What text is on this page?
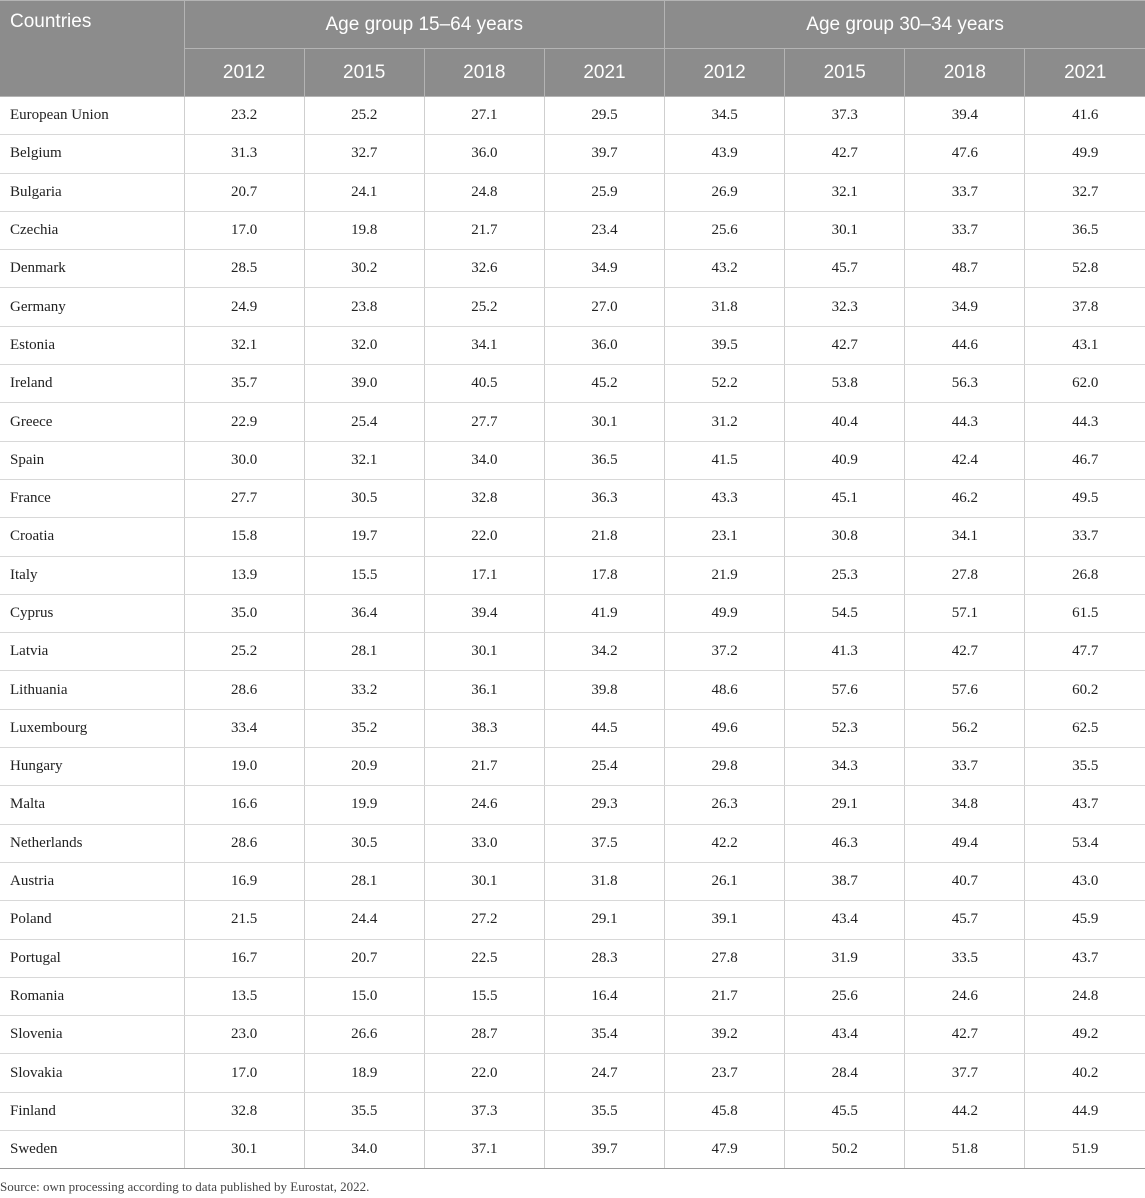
Countries	Age group 15–64 years				Age group 30–34 years			
	2012	2015	2018	2021	2012	2015	2018	2021
European Union	23.2	25.2	27.1	29.5	34.5	37.3	39.4	41.6
Belgium	31.3	32.7	36.0	39.7	43.9	42.7	47.6	49.9
Bulgaria	20.7	24.1	24.8	25.9	26.9	32.1	33.7	32.7
Czechia	17.0	19.8	21.7	23.4	25.6	30.1	33.7	36.5
Denmark	28.5	30.2	32.6	34.9	43.2	45.7	48.7	52.8
Germany	24.9	23.8	25.2	27.0	31.8	32.3	34.9	37.8
Estonia	32.1	32.0	34.1	36.0	39.5	42.7	44.6	43.1
Ireland	35.7	39.0	40.5	45.2	52.2	53.8	56.3	62.0
Greece	22.9	25.4	27.7	30.1	31.2	40.4	44.3	44.3
Spain	30.0	32.1	34.0	36.5	41.5	40.9	42.4	46.7
France	27.7	30.5	32.8	36.3	43.3	45.1	46.2	49.5
Croatia	15.8	19.7	22.0	21.8	23.1	30.8	34.1	33.7
Italy	13.9	15.5	17.1	17.8	21.9	25.3	27.8	26.8
Cyprus	35.0	36.4	39.4	41.9	49.9	54.5	57.1	61.5
Latvia	25.2	28.1	30.1	34.2	37.2	41.3	42.7	47.7
Lithuania	28.6	33.2	36.1	39.8	48.6	57.6	57.6	60.2
Luxembourg	33.4	35.2	38.3	44.5	49.6	52.3	56.2	62.5
Hungary	19.0	20.9	21.7	25.4	29.8	34.3	33.7	35.5
Malta	16.6	19.9	24.6	29.3	26.3	29.1	34.8	43.7
Netherlands	28.6	30.5	33.0	37.5	42.2	46.3	49.4	53.4
Austria	16.9	28.1	30.1	31.8	26.1	38.7	40.7	43.0
Poland	21.5	24.4	27.2	29.1	39.1	43.4	45.7	45.9
Portugal	16.7	20.7	22.5	28.3	27.8	31.9	33.5	43.7
Romania	13.5	15.0	15.5	16.4	21.7	25.6	24.6	24.8
Slovenia	23.0	26.6	28.7	35.4	39.2	43.4	42.7	49.2
Slovakia	17.0	18.9	22.0	24.7	23.7	28.4	37.7	40.2
Finland	32.8	35.5	37.3	35.5	45.8	45.5	44.2	44.9
Sweden	30.1	34.0	37.1	39.7	47.9	50.2	51.8	51.9
Source: own processing according to data published by Eurostat, 2022.
